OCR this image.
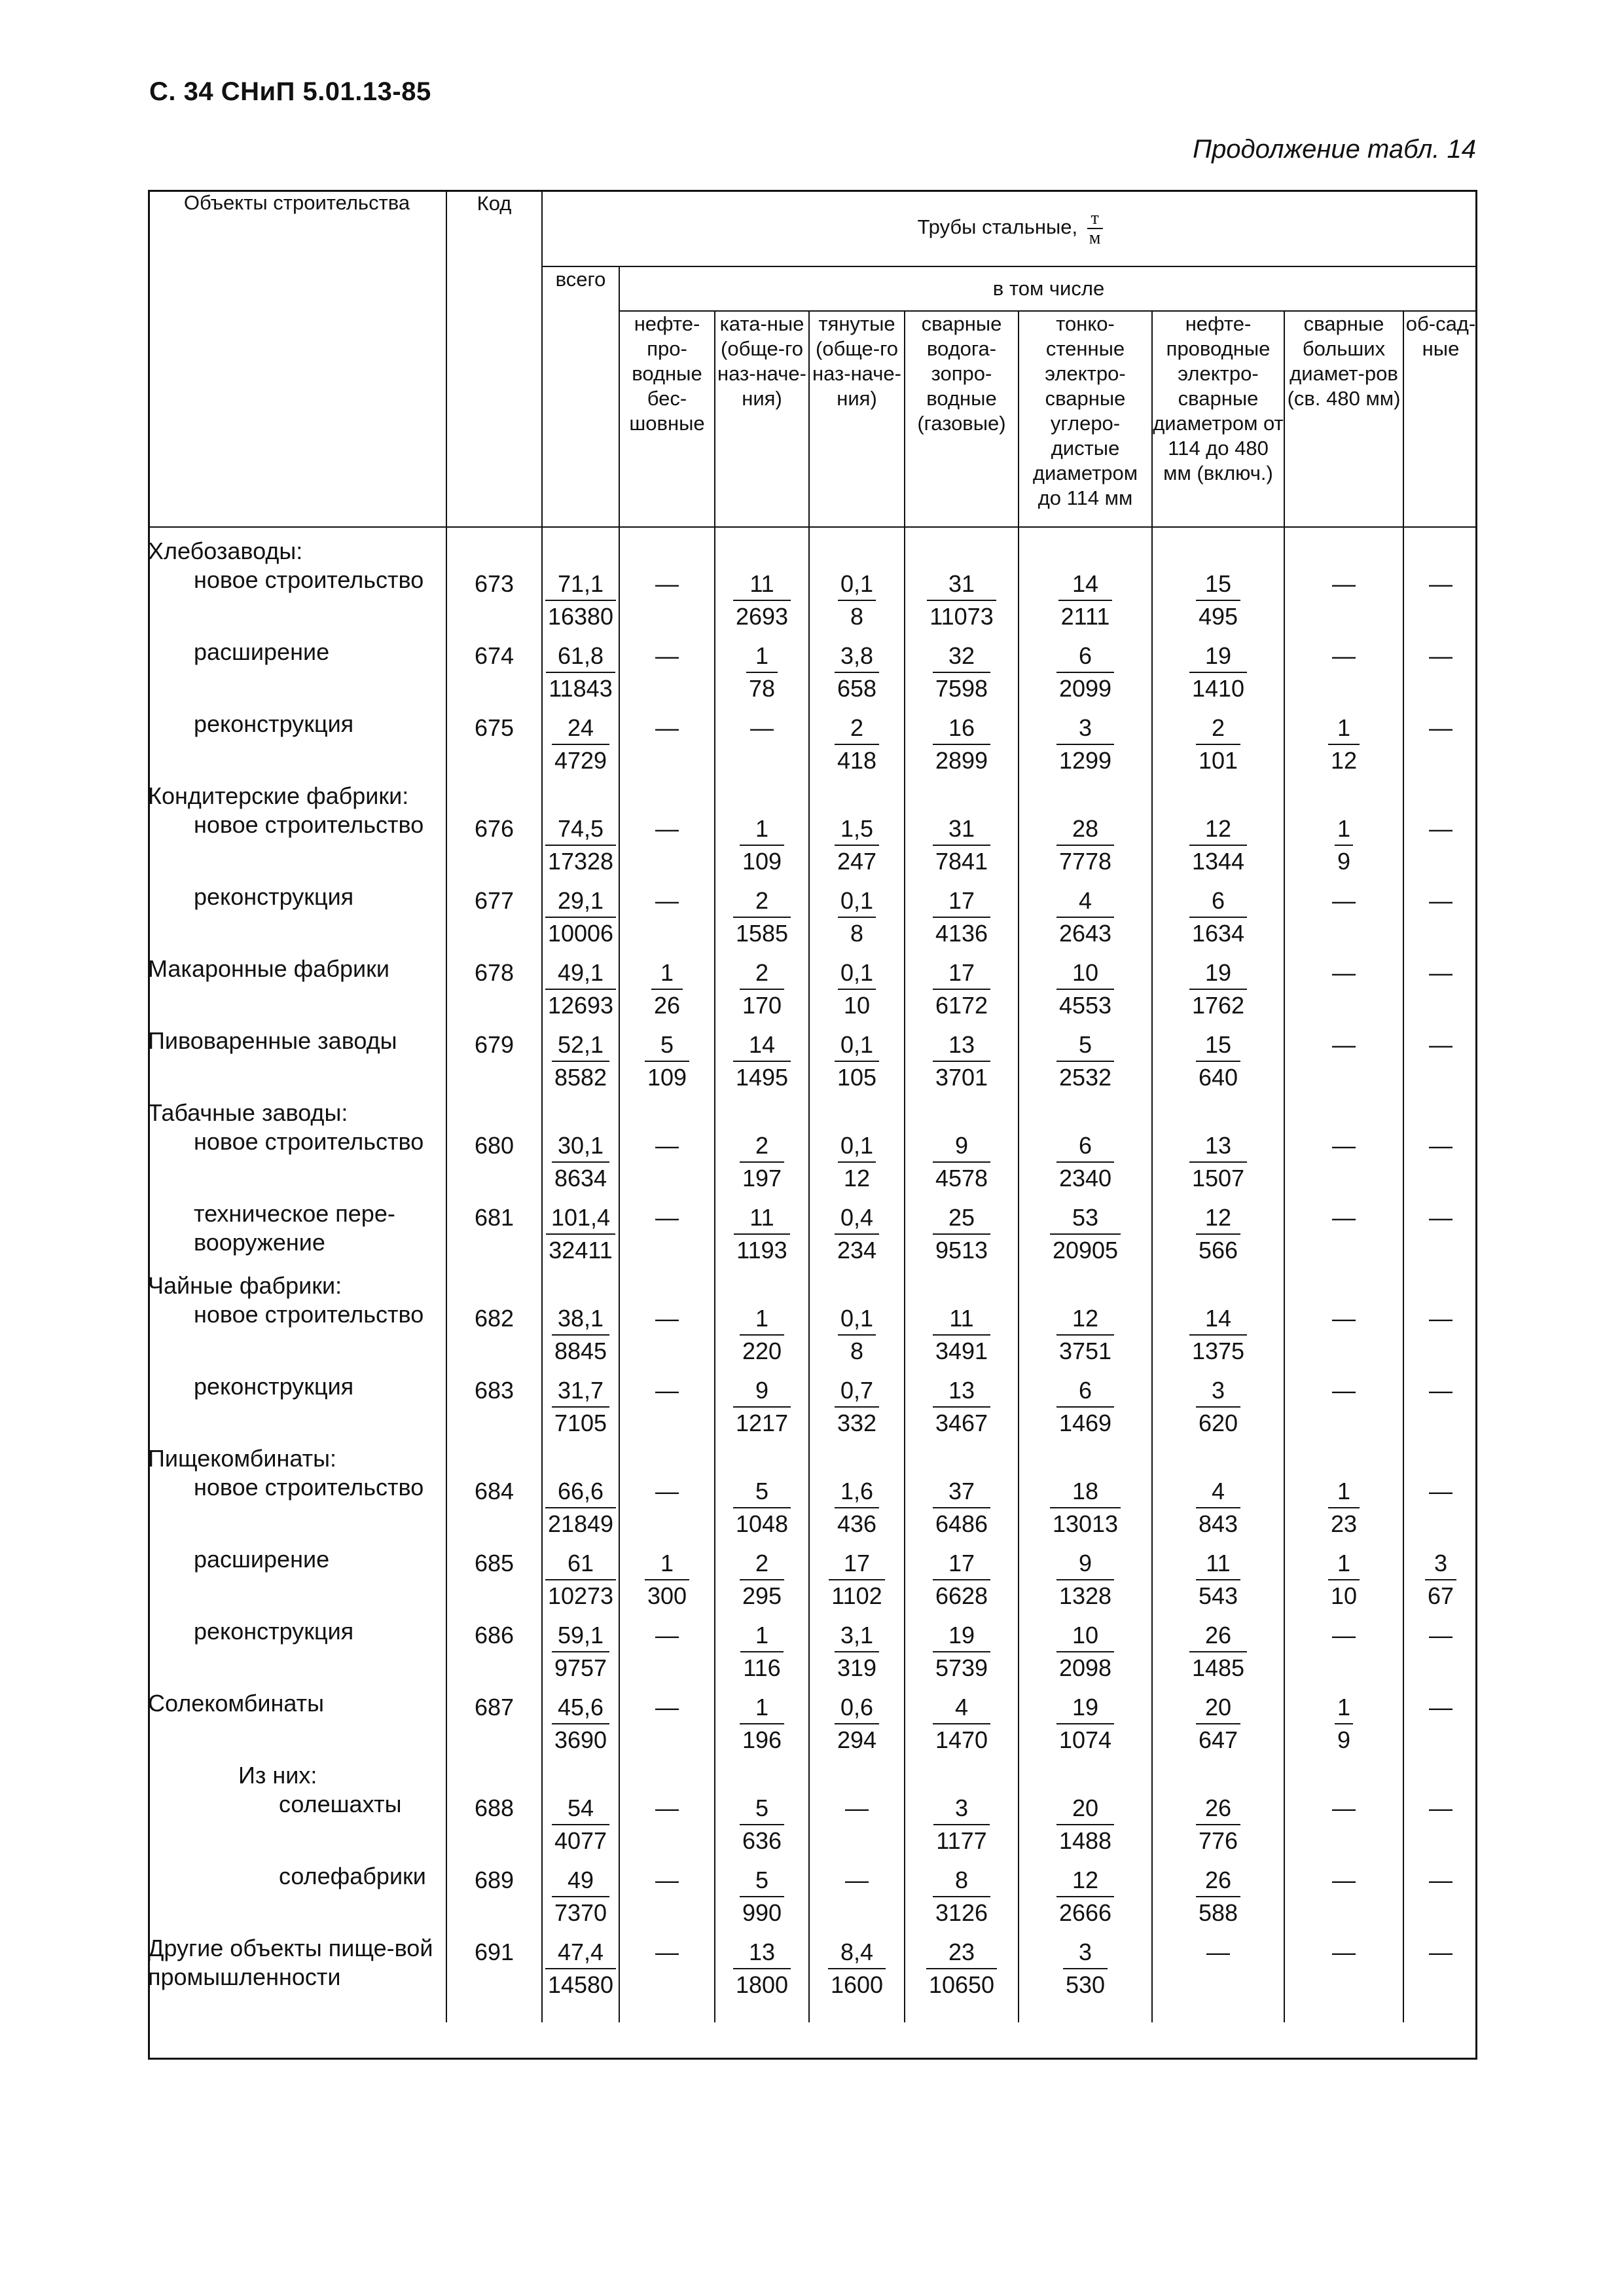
С. 34 СНиП 5.01.13-85
Продолжение табл. 14
Объекты строительства	Код	Трубы стальные, $\frac{т}{м}$

		всего	в том числе							
			нефте-про-водные бес-шовные	ката-ные (обще-го наз-наче-ния)	тянутые (обще-го наз-наче-ния)	сварные водога-зопро-водные (газовые)	тонко-стенные электро-сварные углеро-дистые диаметром до 114 мм	нефте-проводные электро-сварные диаметром от 114 до 480 мм (включ.)	сварные больших диамет-ров (св. 480 мм)	об-сад-ные

Хлебозаводы:										

новое строительство	673	$\frac{71,1}{16380}$	—	$\frac{11}{2693}$	$\frac{0,1}{8}$	$\frac{31}{11073}$	$\frac{14}{2111}$	$\frac{15}{495}$	—	—

расширение	674	$\frac{61,8}{11843}$	—	$\frac{1}{78}$	$\frac{3,8}{658}$	$\frac{32}{7598}$	$\frac{6}{2099}$	$\frac{19}{1410}$	—	—

реконструкция	675	$\frac{24}{4729}$	—	—	$\frac{2}{418}$	$\frac{16}{2899}$	$\frac{3}{1299}$	$\frac{2}{101}$	$\frac{1}{12}$	—

Кондитерские фабрики:										

новое строительство	676	$\frac{74,5}{17328}$	—	$\frac{1}{109}$	$\frac{1,5}{247}$	$\frac{31}{7841}$	$\frac{28}{7778}$	$\frac{12}{1344}$	$\frac{1}{9}$	—

реконструкция	677	$\frac{29,1}{10006}$	—	$\frac{2}{1585}$	$\frac{0,1}{8}$	$\frac{17}{4136}$	$\frac{4}{2643}$	$\frac{6}{1634}$	—	—

Макаронные фабрики	678	$\frac{49,1}{12693}$	$\frac{1}{26}$	$\frac{2}{170}$	$\frac{0,1}{10}$	$\frac{17}{6172}$	$\frac{10}{4553}$	$\frac{19}{1762}$	—	—

Пивоваренные заводы	679	$\frac{52,1}{8582}$	$\frac{5}{109}$	$\frac{14}{1495}$	$\frac{0,1}{105}$	$\frac{13}{3701}$	$\frac{5}{2532}$	$\frac{15}{640}$	—	—

Табачные заводы:										

новое строительство	680	$\frac{30,1}{8634}$	—	$\frac{2}{197}$	$\frac{0,1}{12}$	$\frac{9}{4578}$	$\frac{6}{2340}$	$\frac{13}{1507}$	—	—

техническое пере-вооружение	681	$\frac{101,4}{32411}$	—	$\frac{11}{1193}$	$\frac{0,4}{234}$	$\frac{25}{9513}$	$\frac{53}{20905}$	$\frac{12}{566}$	—	—

Чайные фабрики:										

новое строительство	682	$\frac{38,1}{8845}$	—	$\frac{1}{220}$	$\frac{0,1}{8}$	$\frac{11}{3491}$	$\frac{12}{3751}$	$\frac{14}{1375}$	—	—

реконструкция	683	$\frac{31,7}{7105}$	—	$\frac{9}{1217}$	$\frac{0,7}{332}$	$\frac{13}{3467}$	$\frac{6}{1469}$	$\frac{3}{620}$	—	—

Пищекомбинаты:										

новое строительство	684	$\frac{66,6}{21849}$	—	$\frac{5}{1048}$	$\frac{1,6}{436}$	$\frac{37}{6486}$	$\frac{18}{13013}$	$\frac{4}{843}$	$\frac{1}{23}$	—

расширение	685	$\frac{61}{10273}$	$\frac{1}{300}$	$\frac{2}{295}$	$\frac{17}{1102}$	$\frac{17}{6628}$	$\frac{9}{1328}$	$\frac{11}{543}$	$\frac{1}{10}$	$\frac{3}{67}$

реконструкция	686	$\frac{59,1}{9757}$	—	$\frac{1}{116}$	$\frac{3,1}{319}$	$\frac{19}{5739}$	$\frac{10}{2098}$	$\frac{26}{1485}$	—	—

Солекомбинаты	687	$\frac{45,6}{3690}$	—	$\frac{1}{196}$	$\frac{0,6}{294}$	$\frac{4}{1470}$	$\frac{19}{1074}$	$\frac{20}{647}$	$\frac{1}{9}$	—

Из них:										

солешахты	688	$\frac{54}{4077}$	—	$\frac{5}{636}$	—	$\frac{3}{1177}$	$\frac{20}{1488}$	$\frac{26}{776}$	—	—

солефабрики	689	$\frac{49}{7370}$	—	$\frac{5}{990}$	—	$\frac{8}{3126}$	$\frac{12}{2666}$	$\frac{26}{588}$	—	—

Другие объекты пище-вой промышленности	691	$\frac{47,4}{14580}$	—	$\frac{13}{1800}$	$\frac{8,4}{1600}$	$\frac{23}{10650}$	$\frac{3}{530}$	—	—	—
